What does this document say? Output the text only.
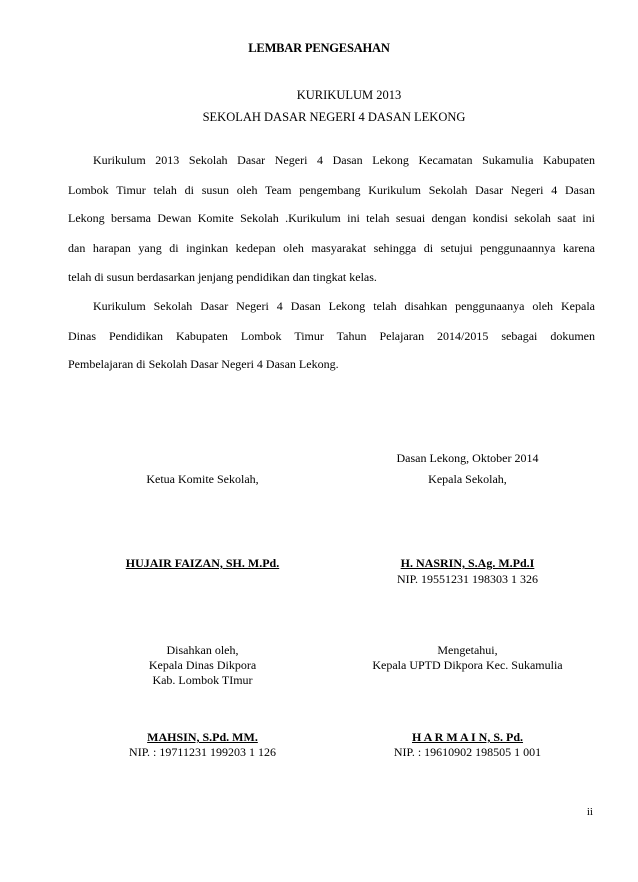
LEMBAR PENGESAHAN
KURIKULUM 2013
SEKOLAH DASAR NEGERI 4 DASAN LEKONG
Kurikulum 2013 Sekolah Dasar Negeri 4 Dasan Lekong Kecamatan Sukamulia Kabupaten
Lombok Timur telah di susun oleh Team pengembang Kurikulum Sekolah Dasar Negeri 4 Dasan
Lekong bersama Dewan Komite Sekolah .Kurikulum ini telah sesuai dengan kondisi sekolah saat ini
dan harapan yang di inginkan kedepan oleh masyarakat sehingga di setujui penggunaannya karena
telah di susun berdasarkan jenjang pendidikan dan tingkat kelas.
Kurikulum Sekolah Dasar Negeri 4 Dasan Lekong telah disahkan penggunaanya oleh Kepala
Dinas Pendidikan Kabupaten Lombok Timur Tahun Pelajaran 2014/2015 sebagai dokumen
Pembelajaran di Sekolah Dasar Negeri 4 Dasan Lekong.
Dasan Lekong, Oktober 2014
Ketua Komite Sekolah,	Kepala Sekolah,
HUJAIR FAIZAN, SH. M.Pd.	H. NASRIN, S.Ag. M.Pd.I
NIP. 19551231 198303 1 326
Disahkan oleh,
Kepala Dinas Dikpora
Kab. Lombok TImur
Mengetahui,
Kepala UPTD Dikpora Kec. Sukamulia
MAHSIN, S.Pd. MM.
NIP. : 19711231 199203 1 126
H A R M A I N, S. Pd.
NIP. : 19610902 198505 1 001
ii
